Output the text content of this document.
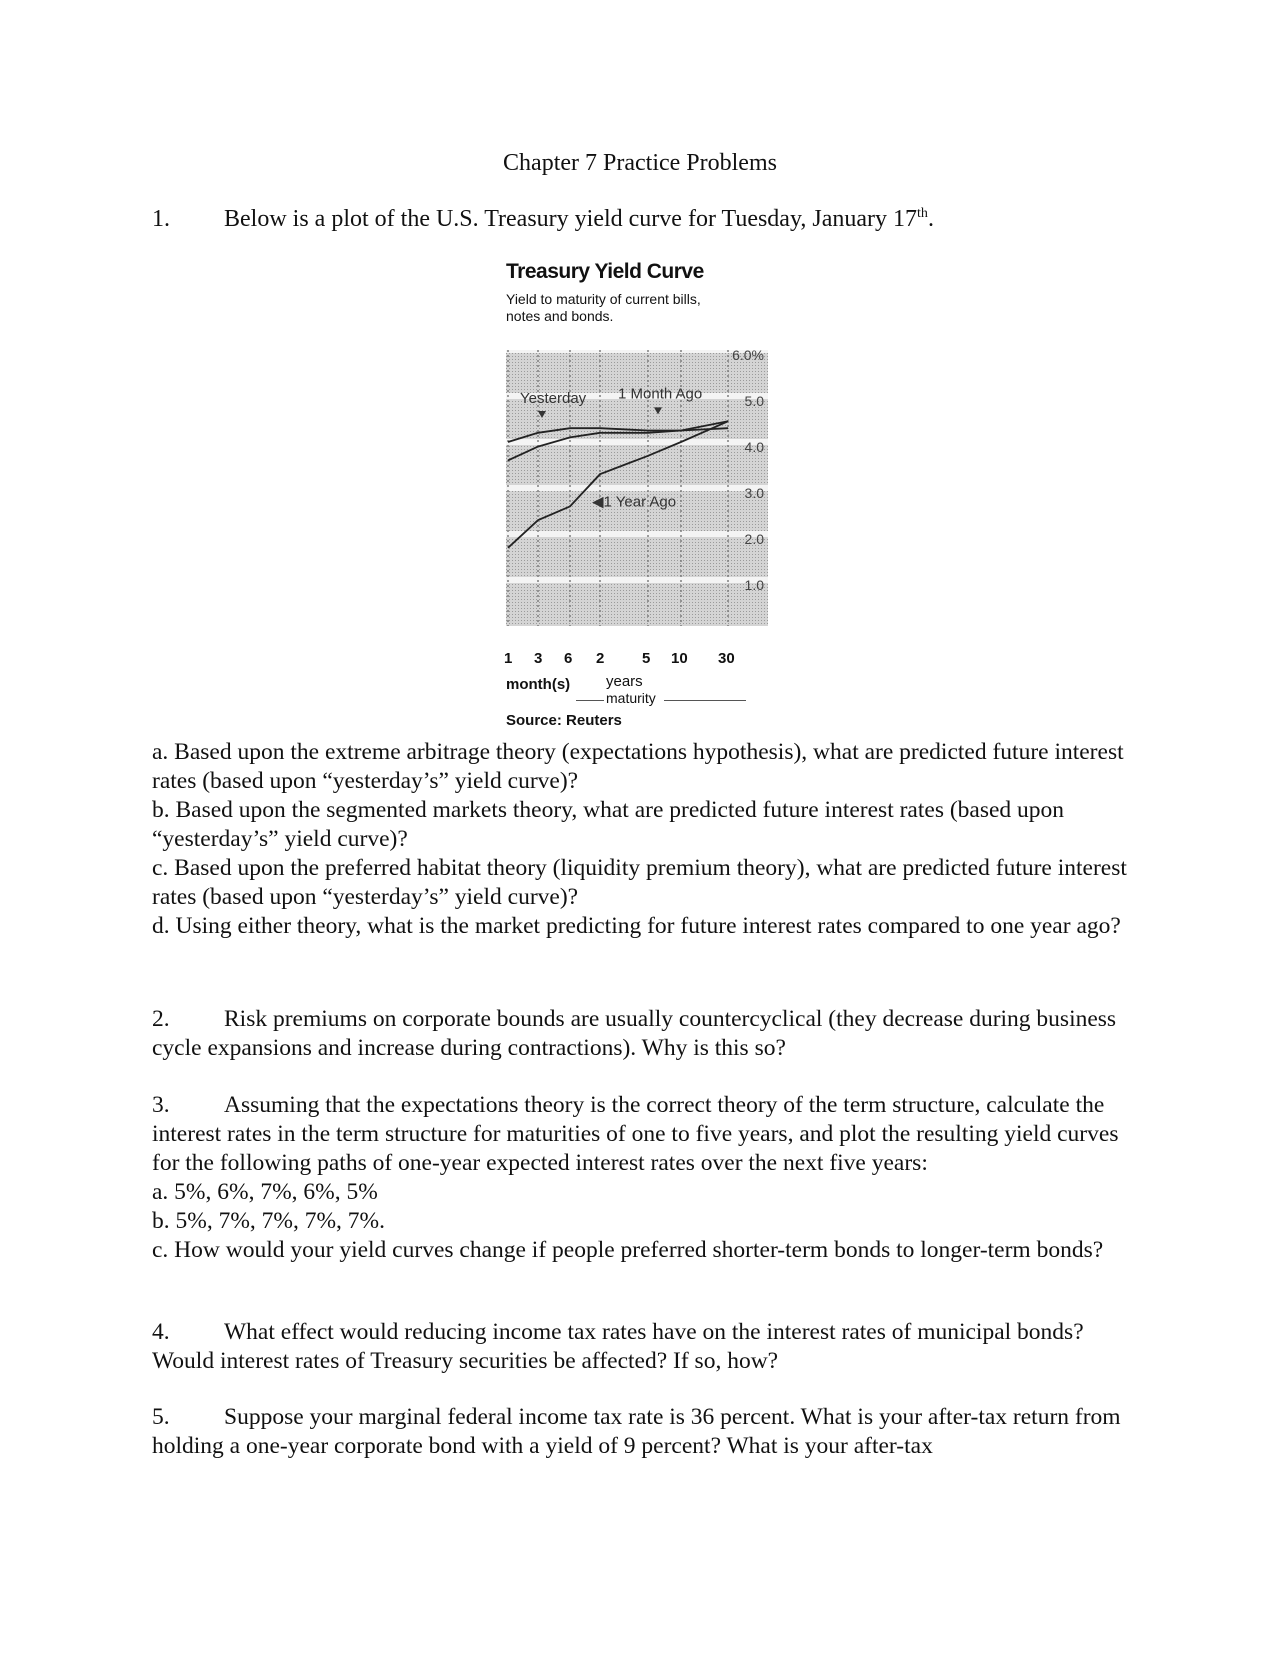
Chapter 7 Practice Problems
1. Below is a plot of the U.S. Treasury yield curve for Tuesday, January 17th.
Treasury Yield Curve
Yield to maturity of current bills, notes and bonds.
6.0%
5.0
4.0
3.0
2.0
1.0
Yesterday 1 Month Ago
◀1 Year Ago
1 3 6 2	5 10 30
month(s) years
maturity
Source: Reuters

a. Based upon the extreme arbitrage theory (expectations hypothesis), what are predicted future interest rates (based upon “yesterday’s” yield curve)?

b. Based upon the segmented markets theory, what are predicted future interest rates (based upon “yesterday’s” yield curve)?

c. Based upon the preferred habitat theory (liquidity premium theory), what are predicted future interest rates (based upon “yesterday’s” yield curve)?

d. Using either theory, what is the market predicting for future interest rates compared to one year ago?

2. Risk premiums on corporate bounds are usually countercyclical (they decrease during business cycle expansions and increase during contractions). Why is this so?

3. Assuming that the expectations theory is the correct theory of the term structure, calculate the interest rates in the term structure for maturities of one to five years, and plot the resulting yield curves for the following paths of one-year expected interest rates over the next five years:

a. 5%, 6%, 7%, 6%, 5%

b. 5%, 7%, 7%, 7%, 7%.

c. How would your yield curves change if people preferred shorter-term bonds to longer-term bonds?

4. What effect would reducing income tax rates have on the interest rates of municipal bonds? Would interest rates of Treasury securities be affected? If so, how?

5. Suppose your marginal federal income tax rate is 36 percent. What is your after-tax return from holding a one-year corporate bond with a yield of 9 percent? What is your after-tax
